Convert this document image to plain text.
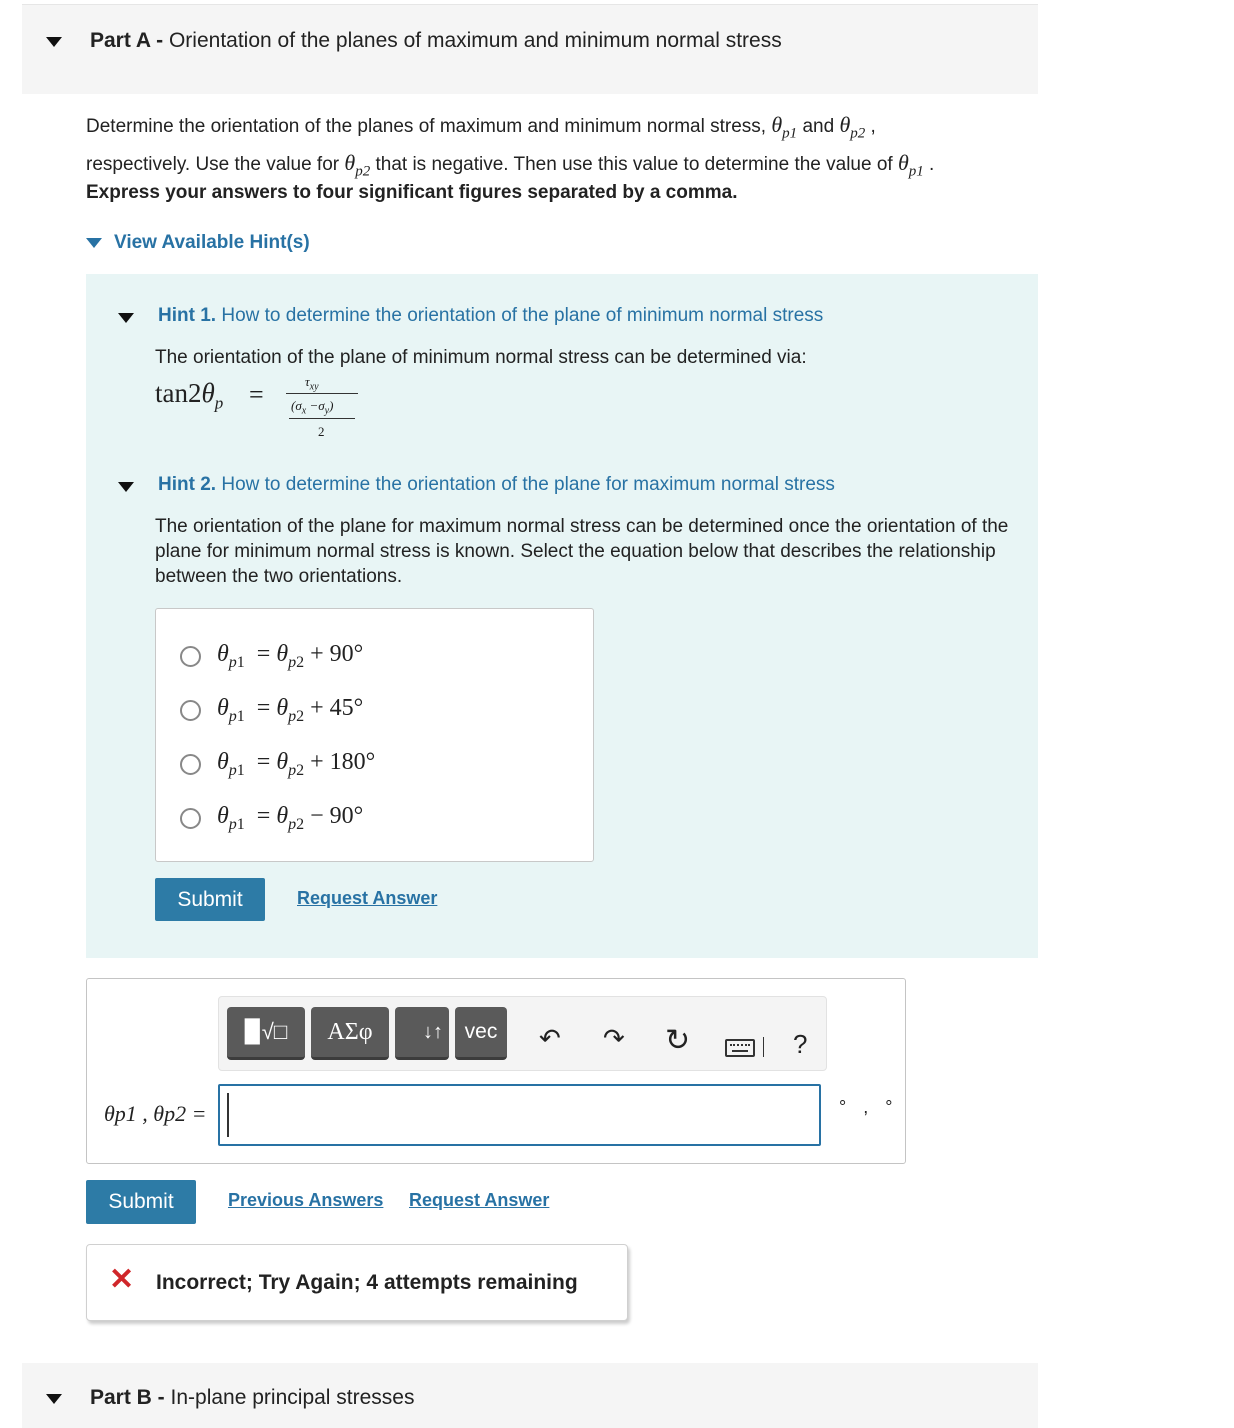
Part A - Orientation of the planes of maximum and minimum normal stress
Determine the orientation of the planes of maximum and minimum normal stress, $\theta_{p1}$ and $\theta_{p2}$ ,
respectively. Use the value for $\theta_{p2}$ that is negative. Then use this value to determine the value of $\theta_{p1}$ .
Express your answers to four significant figures separated by a comma.
View Available Hint(s)
Hint 1. How to determine the orientation of the plane of minimum normal stress
The orientation of the plane of minimum normal stress can be determined via:
$\tan 2\theta_p$ =	$\tau_{xy}$
$(\sigma_x -\sigma_y)$
2
Hint 2. How to determine the orientation of the plane for maximum normal stress
The orientation of the plane for maximum normal stress can be determined once the orientation of the plane for minimum normal stress is known. Select the equation below that describes the relationship between the two orientations.
$\theta_{p1} = \theta_{p2} + 90^\circ$
$\theta_{p1} = \theta_{p2} + 45^\circ$
$\theta_{p1} = \theta_{p2} + 180^\circ$
$\theta_{p1} = \theta_{p2} - 90^\circ$
Submit	Request Answer
▉√□	ΑΣφ	↓↑	vec	↶ ↷ ↻	?
θp1 , θp2 =	° , °
Submit	Previous Answers Request Answer
✕ Incorrect; Try Again; 4 attempts remaining
Part B - In-plane principal stresses
